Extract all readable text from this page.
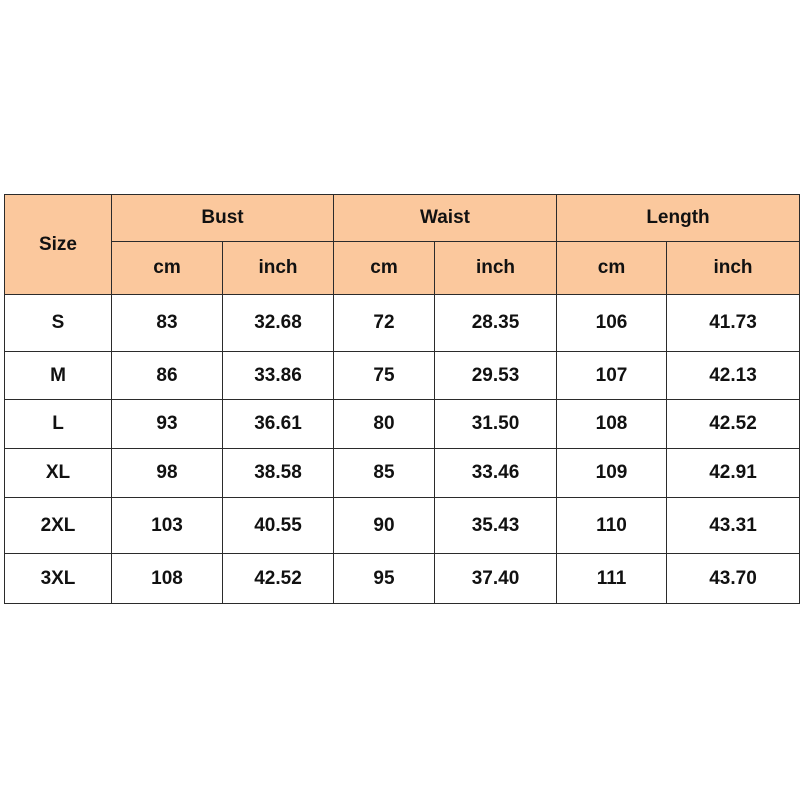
Size	Bust		Waist		Length	
	cm	inch	cm	inch	cm	inch
S	83	32.68	72	28.35	106	41.73
M	86	33.86	75	29.53	107	42.13
L	93	36.61	80	31.50	108	42.52
XL	98	38.58	85	33.46	109	42.91
2XL	103	40.55	90	35.43	110	43.31
3XL	108	42.52	95	37.40	111	43.70
